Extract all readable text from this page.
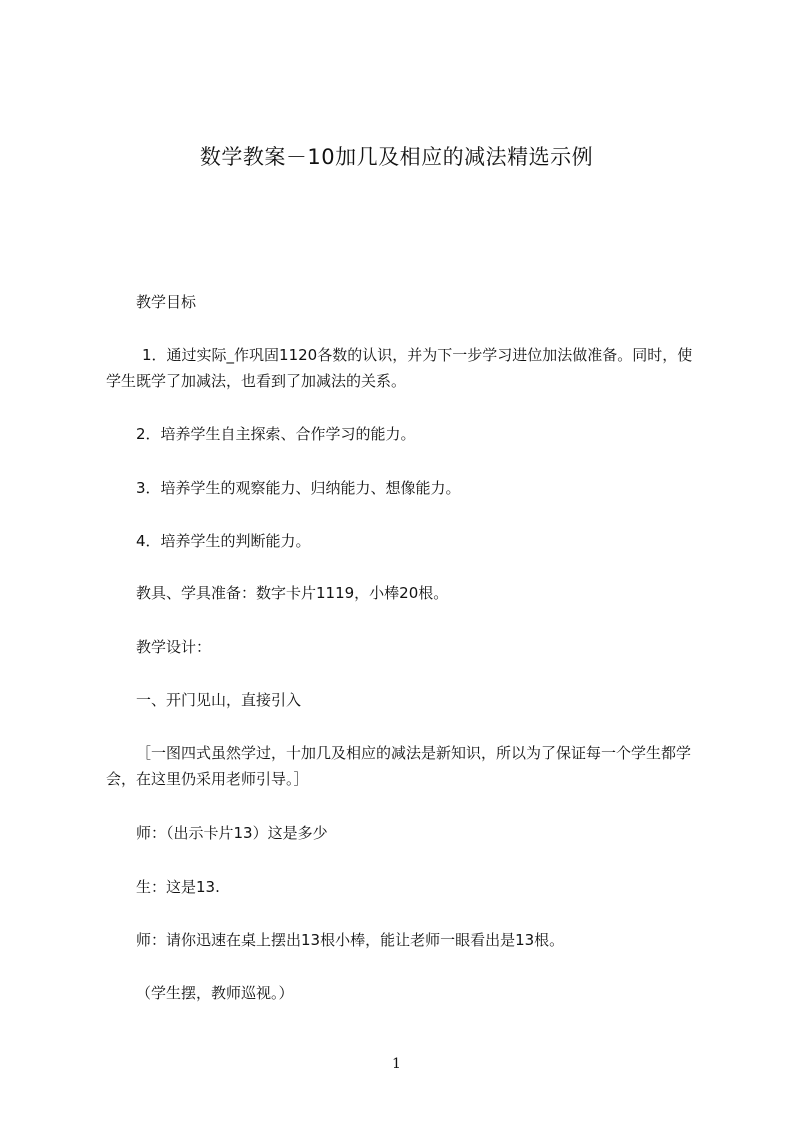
数学教案－10加几及相应的减法精选示例
教学目标
1．通过实际_作巩固1120各数的认识，并为下一步学习进位加法做准备。同时，使学生既学了加减法，也看到了加减法的关系。
2．培养学生自主探索、合作学习的能力。
3．培养学生的观察能力、归纳能力、想像能力。
4．培养学生的判断能力。
教具、学具准备：数字卡片1119，小棒20根。
教学设计：
一、开门见山，直接引入
［一图四式虽然学过，十加几及相应的减法是新知识，所以为了保证每一个学生都学会，在这里仍采用老师引导。］
师：（出示卡片13）这是多少
生：这是13.
师：请你迅速在桌上摆出13根小棒，能让老师一眼看出是13根。
（学生摆，教师巡视。）
1
